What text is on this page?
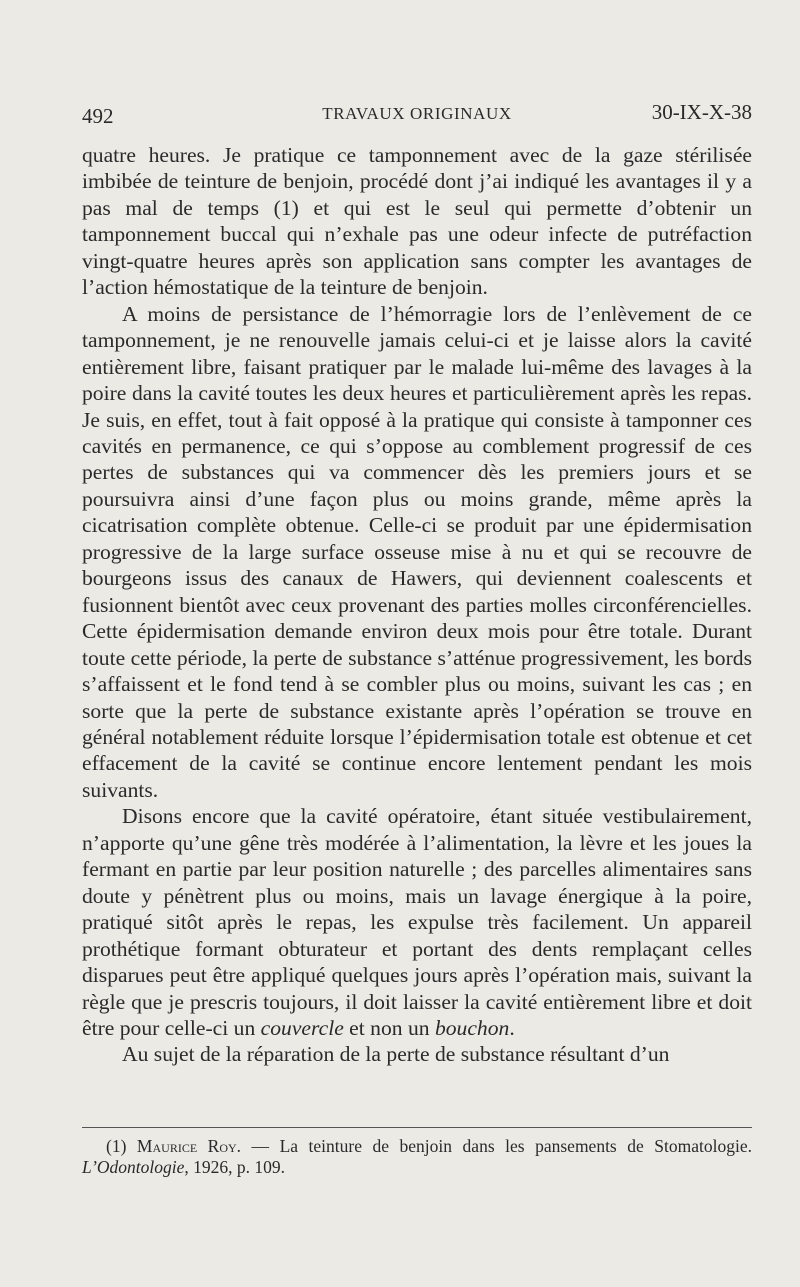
492	TRAVAUX ORIGINAUX	30-IX-X-38

quatre heures. Je pratique ce tamponnement avec de la gaze stérilisée imbibée de teinture de benjoin, procédé dont j’ai indiqué les avantages il y a pas mal de temps (1) et qui est le seul qui permette d’obtenir un tamponnement buccal qui n’exhale pas une odeur infecte de putréfaction vingt-quatre heures après son application sans compter les avantages de l’action hémostatique de la teinture de benjoin.

A moins de persistance de l’hémorragie lors de l’enlèvement de ce tamponnement, je ne renouvelle jamais celui-ci et je laisse alors la cavité entièrement libre, faisant pratiquer par le malade lui-même des lavages à la poire dans la cavité toutes les deux heures et particulièrement après les repas. Je suis, en effet, tout à fait opposé à la pratique qui consiste à tamponner ces cavités en permanence, ce qui s’oppose au comblement progressif de ces pertes de substances qui va commencer dès les premiers jours et se poursuivra ainsi d’une façon plus ou moins grande, même après la cicatrisation complète obtenue. Celle-ci se produit par une épidermisation progressive de la large surface osseuse mise à nu et qui se recouvre de bourgeons issus des canaux de Hawers, qui deviennent coalescents et fusionnent bientôt avec ceux provenant des parties molles circonférencielles. Cette épidermisation demande environ deux mois pour être totale. Durant toute cette période, la perte de substance s’atténue progressivement, les bords s’affaissent et le fond tend à se combler plus ou moins, suivant les cas ; en sorte que la perte de substance existante après l’opération se trouve en général notablement réduite lorsque l’épidermisation totale est obtenue et cet effacement de la cavité se continue encore lentement pendant les mois suivants.

Disons encore que la cavité opératoire, étant située vestibulairement, n’apporte qu’une gêne très modérée à l’alimentation, la lèvre et les joues la fermant en partie par leur position naturelle ; des parcelles alimentaires sans doute y pénètrent plus ou moins, mais un lavage énergique à la poire, pratiqué sitôt après le repas, les expulse très facilement. Un appareil prothétique formant obturateur et portant des dents remplaçant celles disparues peut être appliqué quelques jours après l’opération mais, suivant la règle que je prescris toujours, il doit laisser la cavité entièrement libre et doit être pour celle-ci un couvercle et non un bouchon.

Au sujet de la réparation de la perte de substance résultant d’un

(1) Maurice Roy. — La teinture de benjoin dans les pansements de Stomatologie. L’Odontologie, 1926, p. 109.
